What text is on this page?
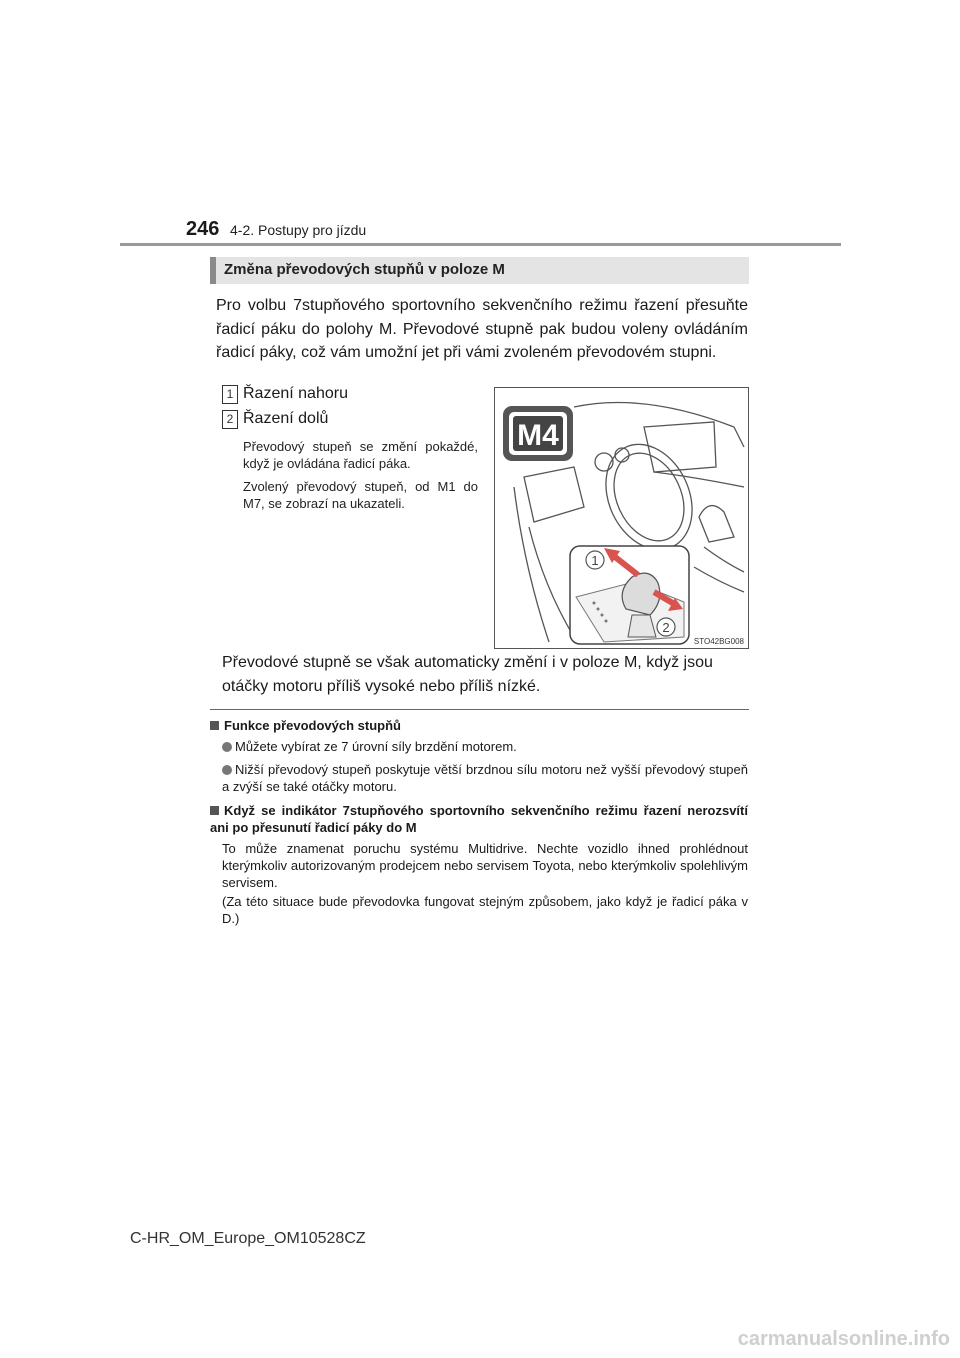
246 4-2. Postupy pro jízdu
Změna převodových stupňů v poloze M
Pro volbu 7stupňového sportovního sekvenčního režimu řazení přesuňte řadicí páku do polohy M. Převodové stupně pak budou voleny ovládáním řadicí páky, což vám umožní jet při vámi zvoleném převodovém stupni.
1 Řazení nahoru
2 Řazení dolů
Převodový stupeň se změní pokaždé, když je ovládána řadicí páka.
Zvolený převodový stupeň, od M1 do M7, se zobrazí na ukazateli.
M4
1
2
STO42BG008
Převodové stupně se však automaticky změní i v poloze M, když jsou otáčky motoru příliš vysoké nebo příliš nízké.
Funkce převodových stupňů
Můžete vybírat ze 7 úrovní síly brzdění motorem.
Nižší převodový stupeň poskytuje větší brzdnou sílu motoru než vyšší převodový stupeň a zvýší se také otáčky motoru.
Když se indikátor 7stupňového sportovního sekvenčního režimu řazení nerozsvítí ani po přesunutí řadicí páky do M
To může znamenat poruchu systému Multidrive. Nechte vozidlo ihned prohlédnout kterýmkoliv autorizovaným prodejcem nebo servisem Toyota, nebo kterýmkoliv spolehlivým servisem.
(Za této situace bude převodovka fungovat stejným způsobem, jako když je řadicí páka v D.)
C-HR_OM_Europe_OM10528CZ
carmanualsonline.info
